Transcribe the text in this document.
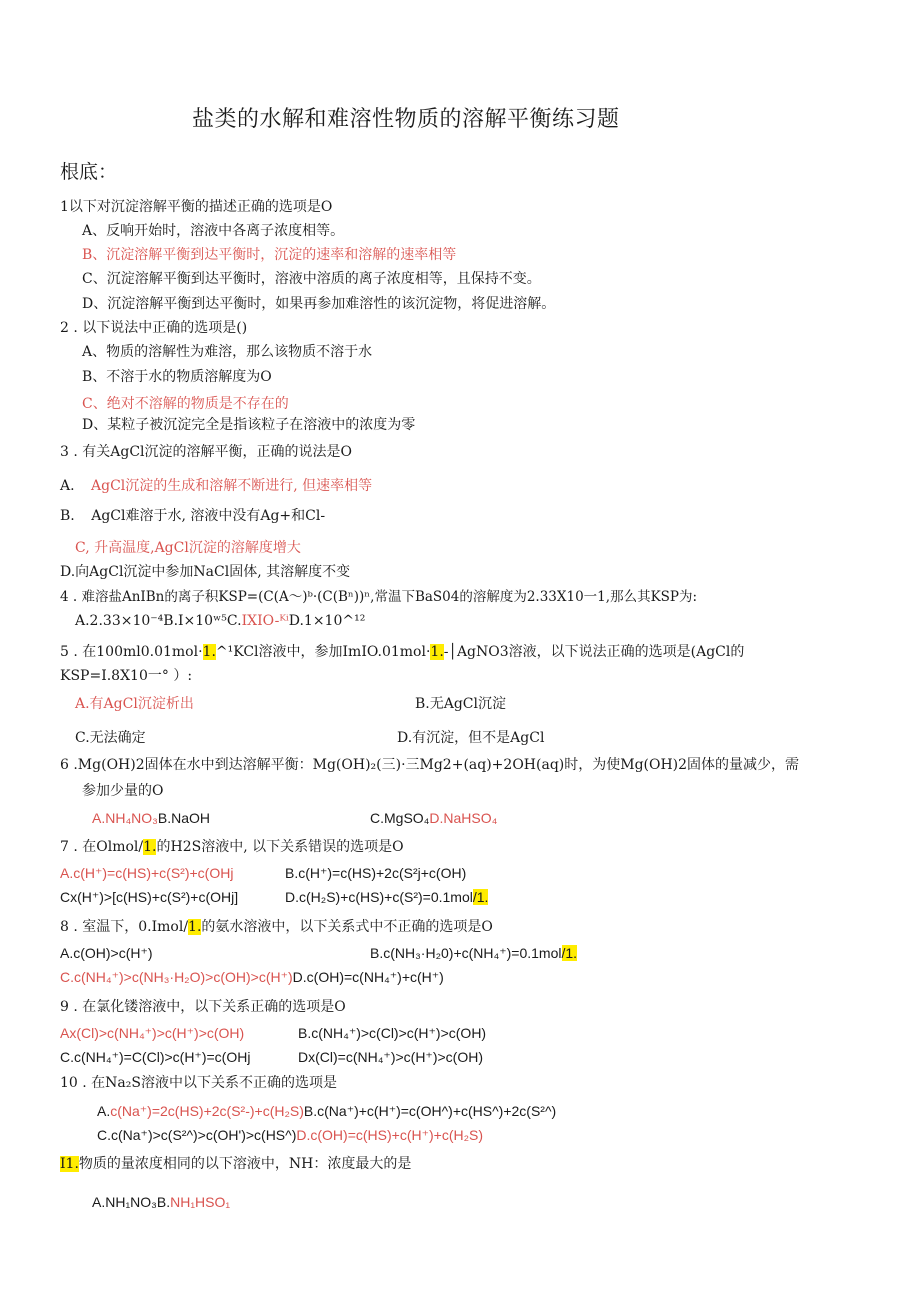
盐类的水解和难溶性物质的溶解平衡练习题
根底：
1以下对沉淀溶解平衡的描述正确的选项是O
A、反响开始时，溶液中各离子浓度相等。
B、沉淀溶解平衡到达平衡时，沉淀的速率和溶解的速率相等
C、沉淀溶解平衡到达平衡时，溶液中溶质的离子浓度相等，且保持不变。
D、沉淀溶解平衡到达平衡时，如果再参加难溶性的该沉淀物，将促进溶解。
2 . 以下说法中正确的选项是()
A、物质的溶解性为难溶，那么该物质不溶于水
B、不溶于水的物质溶解度为O
C、绝对不溶解的物质是不存在的
D、某粒子被沉淀完全是指该粒子在溶液中的浓度为零
3 . 有关AgCl沉淀的溶解平衡，正确的说法是O
A. AgCl沉淀的生成和溶解不断进行, 但速率相等
B. AgCl难溶于水, 溶液中没有Ag+和Cl-
C, 升高温度,AgCl沉淀的溶解度增大
D.向AgCl沉淀中参加NaCl固体, 其溶解度不变
4 . 难溶盐AnIBn的离子积KSP=(C(A〜)ᵇ·(C(Bⁿ))ⁿ,常温下BaS04的溶解度为2.33X10一1,那么其KSP为:
A.2.33×10⁻⁴B.I×10ʷ⁵C.IXIO-ᴷⁱD.1×10^¹²
5 . 在100ml0.01mol·1.^¹KCl溶液中，参加ImIO.01mol·1.-│AgNO3溶液，以下说法正确的选项是(AgCl的
KSP=I.8X10一° ）:
A.有AgCl沉淀析出	B.无AgCl沉淀
C.无法确定	D.有沉淀，但不是AgCl
6 .Mg(OH)2固体在水中到达溶解平衡：Mg(OH)₂(三)·三Mg2+(aq)+2OH(aq)时，为使Mg(OH)2固体的量减少，需
参加少量的O
A.NH₄NO₃B.NaOH	C.MgSO₄D.NaHSO₄
7 . 在Olmol/1.的H2S溶液中, 以下关系错误的选项是O
A.c(H⁺)=c(HS)+c(S²)+c(OHj	B.c(H⁺)=c(HS)+2c(S²j+c(OH)
Cx(H⁺)>[c(HS)+c(S²)+c(OHj]	D.c(H₂S)+c(HS)+c(S²)=0.1mol/1.
8 . 室温下，0.Imol/1.的氨水溶液中，以下关系式中不正确的选项是O
A.c(OH)>c(H⁺)	B.c(NH₃·H₂0)+c(NH₄⁺)=0.1mol/1.
C.c(NH₄⁺)>c(NH₃·H₂O)>c(OH)>c(H⁺)D.c(OH)=c(NH₄⁺)+c(H⁺)
9 . 在氯化镂溶液中，以下关系正确的选项是O
Ax(Cl)>c(NH₄⁺)>c(H⁺)>c(OH)	B.c(NH₄⁺)>c(Cl)>c(H⁺)>c(OH)
C.c(NH₄⁺)=C(Cl)>c(H⁺)=c(OHj	Dx(Cl)=c(NH₄⁺)>c(H⁺)>c(OH)
10 . 在Na₂S溶液中以下关系不正确的选项是
A.c(Na⁺)=2c(HS)+2c(S²-)+c(H₂S)B.c(Na⁺)+c(H⁺)=c(OH^)+c(HS^)+2c(S²^)
C.c(Na⁺)>c(S²^)>c(OH')>c(HS^)D.c(OH)=c(HS)+c(H⁺)+c(H₂S)
I1.物质的量浓度相同的以下溶液中，NH：浓度最大的是
A.NH₁NO₃B.NH₁HSO₁
